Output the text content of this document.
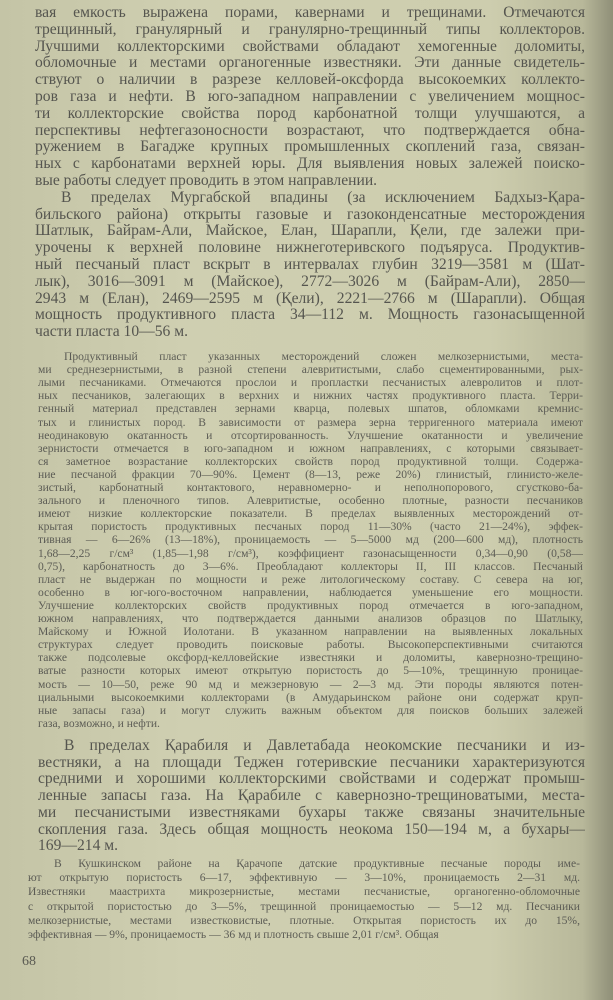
вая емкость выражена порами, кавернами и трещинами. Отмечаются
трещинный, гранулярный и гранулярно-трещинный типы коллекторов.
Лучшими коллекторскими свойствами обладают хемогенные доломиты,
обломочные и местами органогенные известняки. Эти данные свидетель-
ствуют о наличии в разрезе келловей-оксфорда высокоемких коллекто-
ров газа и нефти. В юго-западном направлении с увеличением мощнос-
ти коллекторские свойства пород карбонатной толщи улучшаются, а
перспективы нефтегазоносности возрастают, что подтверждается обна-
ружением в Багадже крупных промышленных скоплений газа, связан-
ных с карбонатами верхней юры. Для выявления новых залежей поиско-
вые работы следует проводить в этом направлении.
В пределах Мургабской впадины (за исключением Бадхыз-Қара-
бильского района) открыты газовые и газоконденсатные месторождения
Шатлык, Байрам-Али, Майское, Елан, Шарапли, Қели, где залежи при-
урочены к верхней половине нижнеготеривского подъяруса. Продуктив-
ный песчаный пласт вскрыт в интервалах глубин 3219—3581 м (Шат-
лык), 3016—3091 м (Майское), 2772—3026 м (Байрам-Али), 2850—
2943 м (Елан), 2469—2595 м (Қели), 2221—2766 м (Шарапли). Общая
мощность продуктивного пласта 34—112 м. Мощность газонасыщенной
части пласта 10—56 м.
Продуктивный пласт указанных месторождений сложен мелкозернистыми, места-
ми среднезернистыми, в разной степени алевритистыми, слабо сцементированными, рых-
лыми песчаниками. Отмечаются прослои и пропластки песчанистых алевролитов и плот-
ных песчаников, залегающих в верхних и нижних частях продуктивного пласта. Терри-
генный материал представлен зернами кварца, полевых шпатов, обломками кремнис-
тых и глинистых пород. В зависимости от размера зерна терригенного материала имеют
неодинаковую окатанность и отсортированность. Улучшение окатанности и увеличение
зернистости отмечается в юго-западном и южном направлениях, с которыми связывает-
ся заметное возрастание коллекторских свойств пород продуктивной толщи. Содержа-
ние песчаной фракции 70—90%. Цемент (8—13, реже 20%) глинистый, глинисто-желе-
зистый, карбонатный контактового, неравномерно- и неполнопорового, сгустково-ба-
зального и пленочного типов. Алевритистые, особенно плотные, разности песчаников
имеют низкие коллекторские показатели. В пределах выявленных месторождений от-
крытая пористость продуктивных песчаных пород 11—30% (часто 21—24%), эффек-
тивная — 6—26% (13—18%), проницаемость — 5—5000 мд (200—600 мд), плотность
1,68—2,25 г/см³ (1,85—1,98 г/см³), коэффициент газонасыщенности 0,34—0,90 (0,58—
0,75), карбонатность до 3—6%. Преобладают коллекторы II, III классов. Песчаный
пласт не выдержан по мощности и реже литологическому составу. С севера на юг,
особенно в юг-юго-восточном направлении, наблюдается уменьшение его мощности.
Улучшение коллекторских свойств продуктивных пород отмечается в юго-западном,
южном направлениях, что подтверждается данными анализов образцов по Шатлыку,
Майскому и Южной Иолотани. В указанном направлении на выявленных локальных
структурах следует проводить поисковые работы. Высокоперспективными считаются
также подсолевые оксфорд-келловейские известняки и доломиты, кавернозно-трещино-
ватые разности которых имеют открытую пористость до 5—10%, трещинную проницае-
мость — 10—50, реже 90 мд и межзерновую — 2—3 мд. Эти породы являются потен-
циальными высокоемкими коллекторами (в Амударьинском районе они содержат круп-
ные запасы газа) и могут служить важным объектом для поисков больших залежей
газа, возможно, и нефти.
В пределах Қарабиля и Давлетабада неокомские песчаники и из-
вестняки, а на площади Теджен готеривские песчаники характеризуются
средними и хорошими коллекторскими свойствами и содержат промыш-
ленные запасы газа. На Қарабиле с кавернозно-трещиноватыми, места-
ми песчанистыми известняками бухары также связаны значительные
скопления газа. Здесь общая мощность неокома 150—194 м, а бухары—
169—214 м.
В Кушкинском районе на Қарачопе датские продуктивные песчаные породы име-
ют открытую пористость 6—17, эффективную — 3—10%, проницаемость 2—31 мд.
Известняки маастрихта микрозернистые, местами песчанистые, органогенно-обломочные
с открытой пористостью до 3—5%, трещинной проницаемостью — 5—12 мд. Песчаники
мелкозернистые, местами известковистые, плотные. Открытая пористость их до 15%,
эффективная — 9%, проницаемость — 36 мд и плотность свыше 2,01 г/см³. Общая
68
